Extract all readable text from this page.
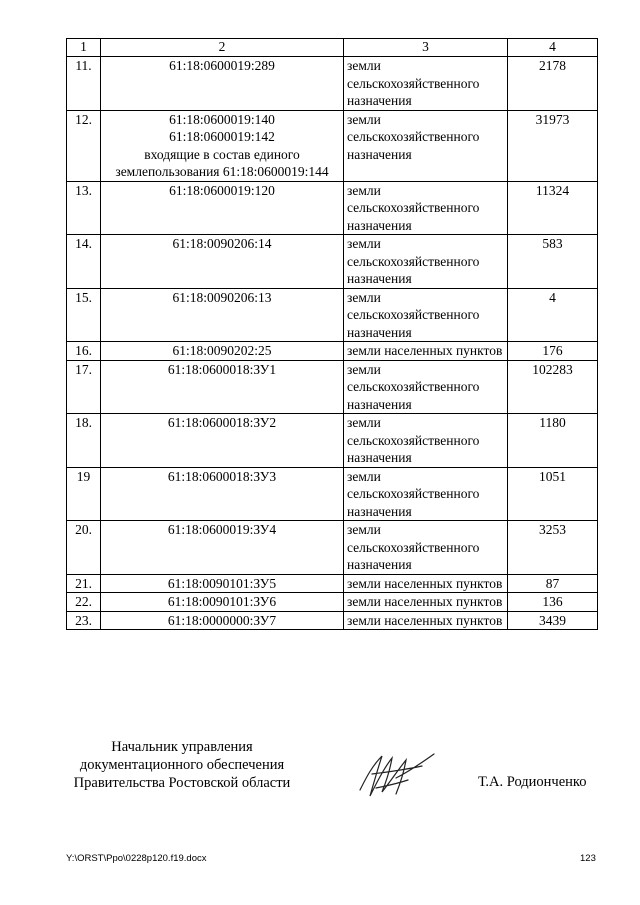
1	2	3	4
11.	61:18:0600019:289	земли сельскохозяйственного назначения	2178
12.	61:18:0600019:140
61:18:0600019:142
входящие в состав единого
землепользования 61:18:0600019:144	земли сельскохозяйственного назначения	31973
13.	61:18:0600019:120	земли сельскохозяйственного назначения	11324
14.	61:18:0090206:14	земли сельскохозяйственного назначения	583
15.	61:18:0090206:13	земли сельскохозяйственного назначения	4
16.	61:18:0090202:25	земли населенных пунктов	176
17.	61:18:0600018:ЗУ1	земли сельскохозяйственного назначения	102283
18.	61:18:0600018:ЗУ2	земли сельскохозяйственного назначения	1180
19	61:18:0600018:ЗУ3	земли сельскохозяйственного назначения	1051
20.	61:18:0600019:ЗУ4	земли сельскохозяйственного назначения	3253
21.	61:18:0090101:ЗУ5	земли населенных пунктов	87
22.	61:18:0090101:ЗУ6	земли населенных пунктов	136
23.	61:18:0000000:ЗУ7	земли населенных пунктов	3439
Начальник управления
документационного обеспечения
Правительства Ростовской области	Т.А. Родионченко
Y:\ORST\Ppo\0228p120.f19.docx	123
